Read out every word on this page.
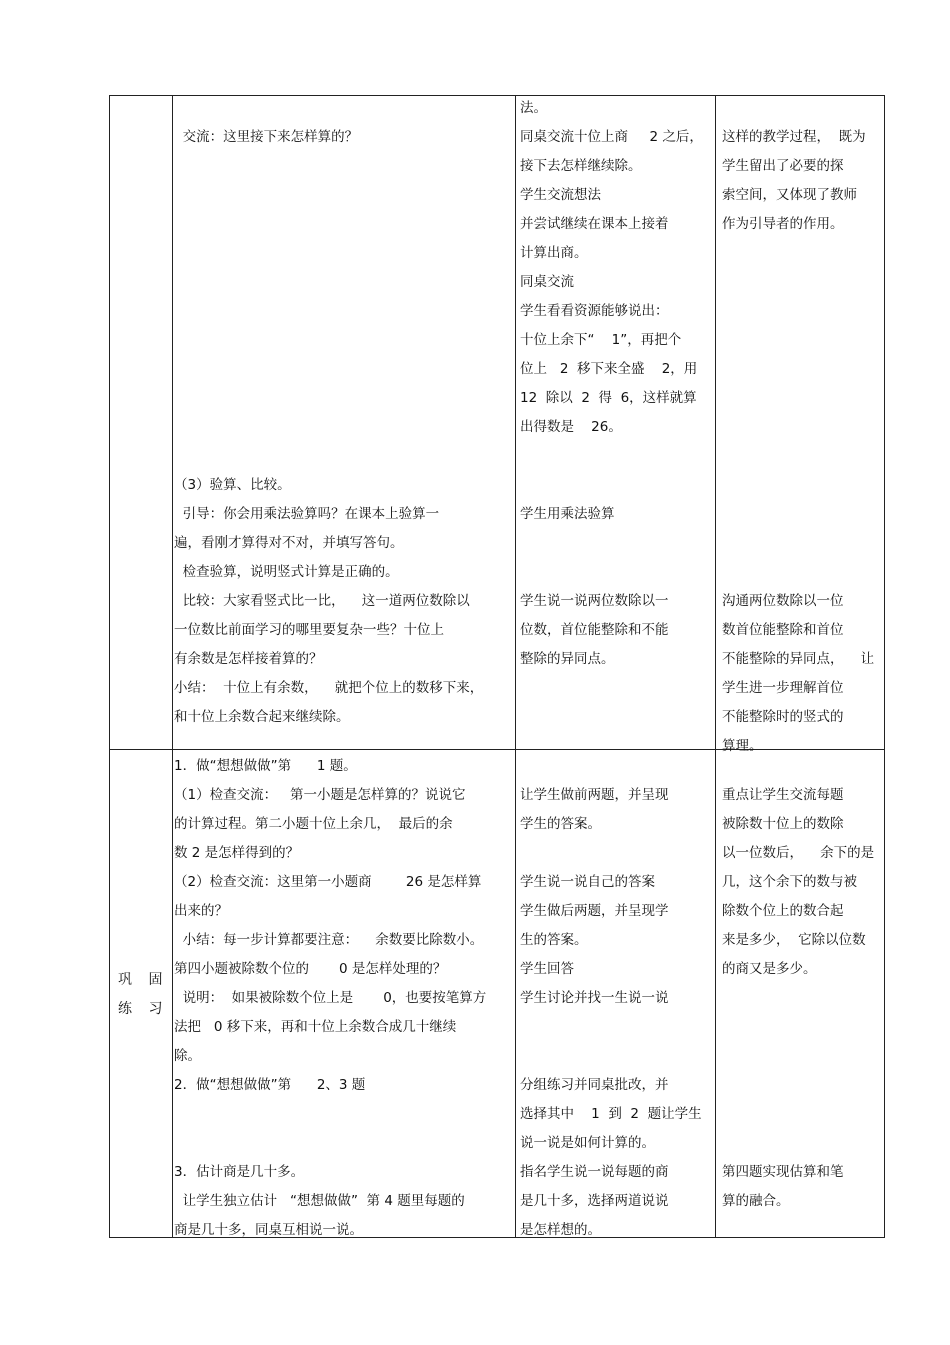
巩 固
练 习
交流：这里接下来怎样算的？
（3）验算、比较。
引导：你会用乘法验算吗？在课本上验算一
遍，看刚才算得对不对，并填写答句。
检查验算，说明竖式计算是正确的。
比较：大家看竖式比一比，    这一道两位数除以
一位数比前面学习的哪里要复杂一些？十位上
有余数是怎样接着算的？
小结：  十位上有余数，    就把个位上的数移下来，
和十位上余数合起来继续除。
法。
同桌交流十位上商     2 之后，
接下去怎样继续除。
学生交流想法
并尝试继续在课本上接着
计算出商。
同桌交流
学生看看资源能够说出：
十位上余下“    1”，再把个
位上   2  移下来全盛    2，用
12  除以  2  得  6，这样就算
出得数是    26。
学生用乘法验算
学生说一说两位数除以一
位数，首位能整除和不能
整除的异同点。
这样的教学过程，  既为
学生留出了必要的探
索空间，又体现了教师
作为引导者的作用。
沟通两位数除以一位
数首位能整除和首位
不能整除的异同点，    让
学生进一步理解首位
不能整除时的竖式的
算理。
1．做“想想做做”第      1 题。
（1）检查交流：   第一小题是怎样算的？说说它
的计算过程。第二小题十位上余几，  最后的余
数 2 是怎样得到的？
（2）检查交流：这里第一小题商        26 是怎样算
出来的？
小结：每一步计算都要注意：    余数要比除数小。
第四小题被除数个位的       0 是怎样处理的？
说明：  如果被除数个位上是       0，也要按笔算方
法把   0 移下来，再和十位上余数合成几十继续
除。
2．做“想想做做”第      2、3 题
3．估计商是几十多。
让学生独立估计   “想想做做”  第 4 题里每题的
商是几十多，同桌互相说一说。
让学生做前两题，并呈现
学生的答案。
学生说一说自己的答案
学生做后两题，并呈现学
生的答案。
学生回答
学生讨论并找一生说一说
分组练习并同桌批改，并
选择其中    1  到  2  题让学生
说一说是如何计算的。
指名学生说一说每题的商
是几十多，选择两道说说
是怎样想的。
重点让学生交流每题
被除数十位上的数除
以一位数后，    余下的是
几，这个余下的数与被
除数个位上的数合起
来是多少，  它除以位数
的商又是多少。
第四题实现估算和笔
算的融合。
